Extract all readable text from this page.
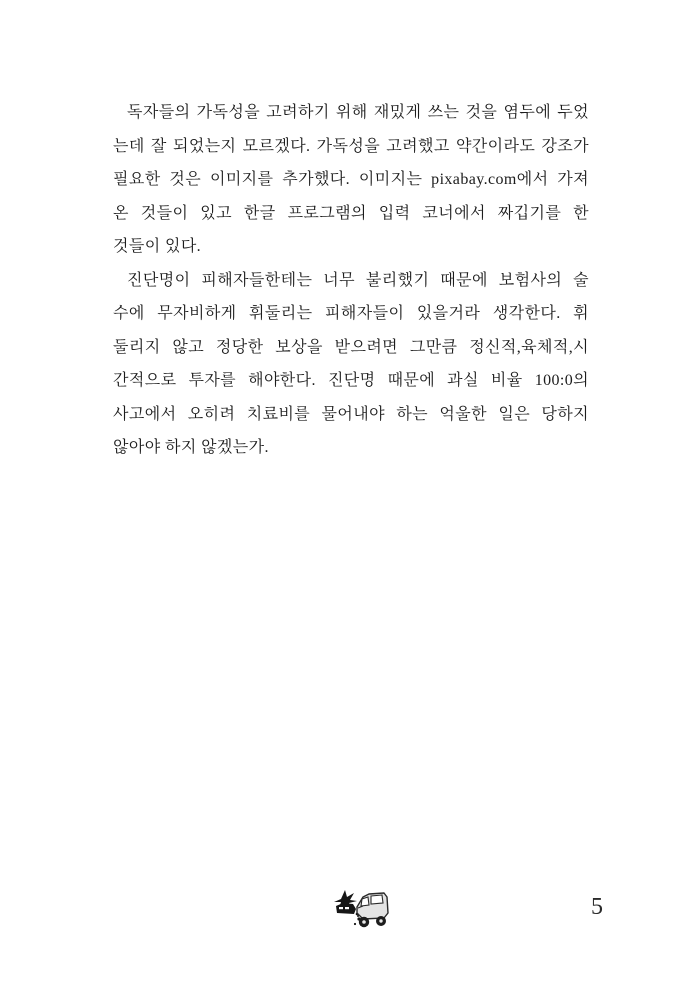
독자들의 가독성을 고려하기 위해 재밌게 쓰는 것을 염두에 두었
는데 잘 되었는지 모르겠다. 가독성을 고려했고 약간이라도 강조가
필요한 것은 이미지를 추가했다. 이미지는 pixabay.com에서 가져
온 것들이 있고 한글 프로그램의 입력 코너에서 짜깁기를 한
것들이 있다.
진단명이 피해자들한테는 너무 불리했기 때문에 보험사의 술
수에 무자비하게 휘둘리는 피해자들이 있을거라 생각한다. 휘
둘리지 않고 정당한 보상을 받으려면 그만큼 정신적,육체적,시
간적으로 투자를 해야한다. 진단명 때문에 과실 비율 100:0의
사고에서 오히려 치료비를 물어내야 하는 억울한 일은 당하지
않아야 하지 않겠는가.
5
